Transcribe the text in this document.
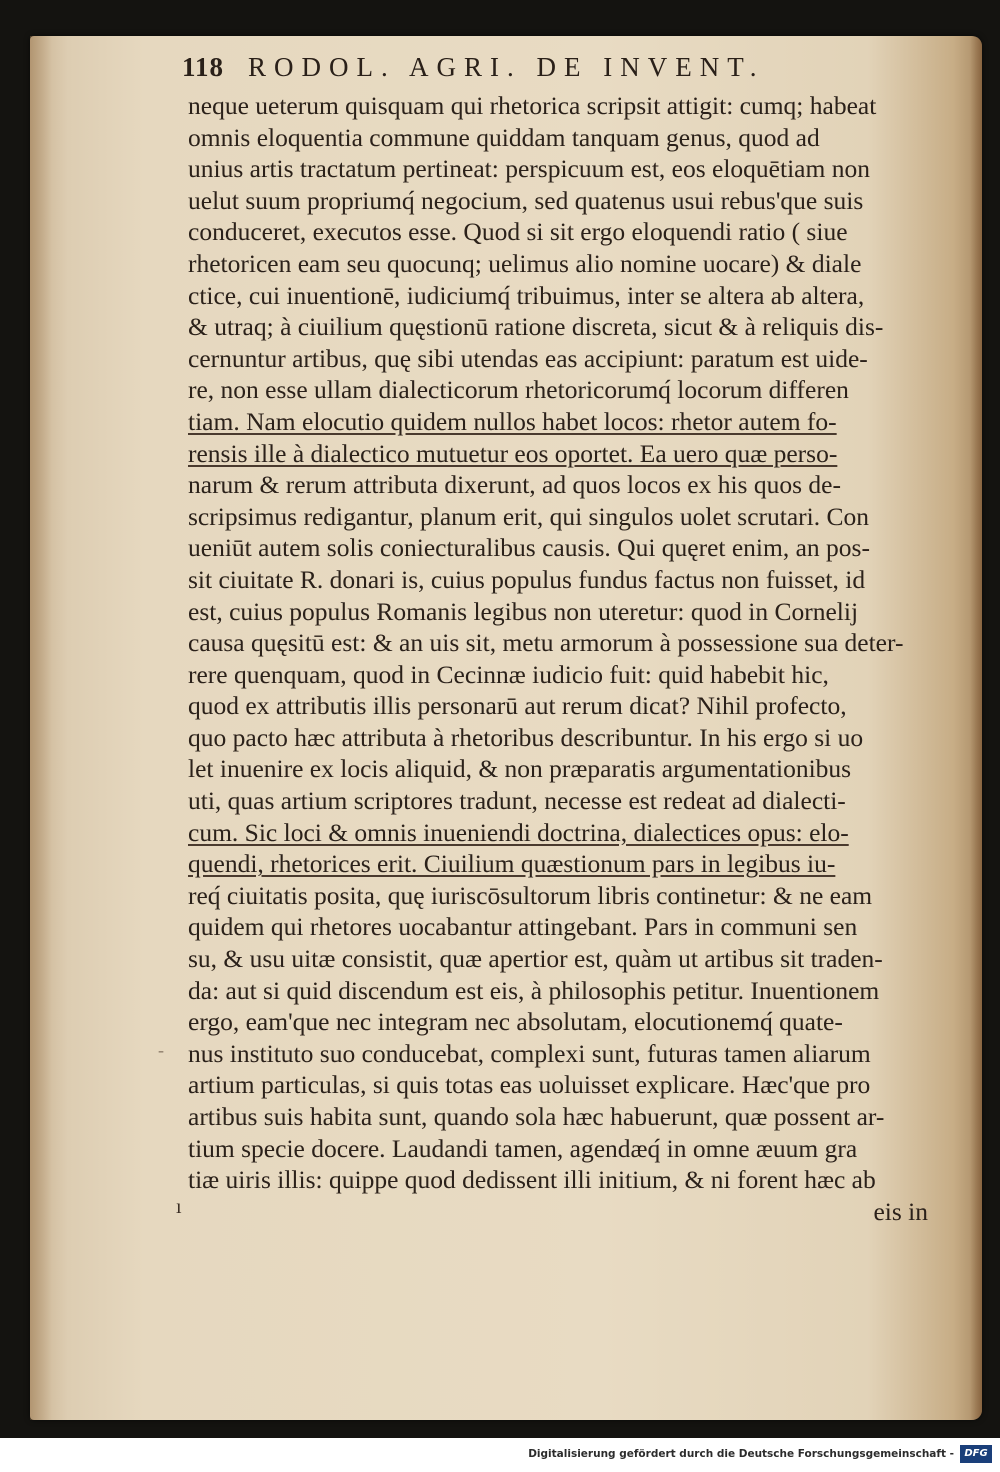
118 RODOL. AGRI. DE INVENT.
neque ueterum quisquam qui rhetorica scripsit attigit: cumq; habeat
omnis eloquentia commune quiddam tanquam genus, quod ad
unius artis tractatum pertineat: perspicuum est, eos eloquētiam non
uelut suum propriumq́ negocium, sed quatenus usui rebus'que suis
conduceret, executos esse. Quod si sit ergo eloquendi ratio ( siue
rhetoricen eam seu quocunq; uelimus alio nomine uocare) & diale
ctice, cui inuentionē, iudiciumq́ tribuimus, inter se altera ab altera,
& utraq; à ciuilium quęstionū ratione discreta, sicut & à reliquis dis-
cernuntur artibus, quę sibi utendas eas accipiunt: paratum est uide-
re, non esse ullam dialecticorum rhetoricorumq́ locorum differen
tiam. Nam elocutio quidem nullos habet locos: rhetor autem fo-
rensis ille à dialectico mutuetur eos oportet. Ea uero quæ perso-
narum & rerum attributa dixerunt, ad quos locos ex his quos de-
scripsimus redigantur, planum erit, qui singulos uolet scrutari. Con
ueniūt autem solis coniecturalibus causis. Qui quęret enim, an pos-
sit ciuitate R. donari is, cuius populus fundus factus non fuisset, id
est, cuius populus Romanis legibus non uteretur: quod in Cornelij
causa quęsitū est: & an uis sit, metu armorum à possessione sua deter-
rere quenquam, quod in Cecinnæ iudicio fuit: quid habebit hic,
quod ex attributis illis personarū aut rerum dicat? Nihil profecto,
quo pacto hæc attributa à rhetoribus describuntur. In his ergo si uo
let inuenire ex locis aliquid, & non præparatis argumentationibus
uti, quas artium scriptores tradunt, necesse est redeat ad dialecti-
cum. Sic loci & omnis inueniendi doctrina, dialectices opus: elo-
quendi, rhetorices erit. Ciuilium quæstionum pars in legibus iu-
req́ ciuitatis posita, quę iuriscōsultorum libris continetur: & ne eam
quidem qui rhetores uocabantur attingebant. Pars in communi sen
su, & usu uitæ consistit, quæ apertior est, quàm ut artibus sit traden-
da: aut si quid discendum est eis, à philosophis petitur. Inuentionem
ergo, eam'que nec integram nec absolutam, elocutionemq́ quate-
nus instituto suo conducebat, complexi sunt, futuras tamen aliarum
artium particulas, si quis totas eas uoluisset explicare. Hæc'que pro
artibus suis habita sunt, quando sola hæc habuerunt, quæ possent ar-
tium specie docere. Laudandi tamen, agendæq́ in omne æuum gra
tiæ uiris illis: quippe quod dedissent illi initium, & ni forent hæc ab
eis in
-
ı
Digitalisierung gefördert durch die Deutsche Forschungsgemeinschaft -	DFG
